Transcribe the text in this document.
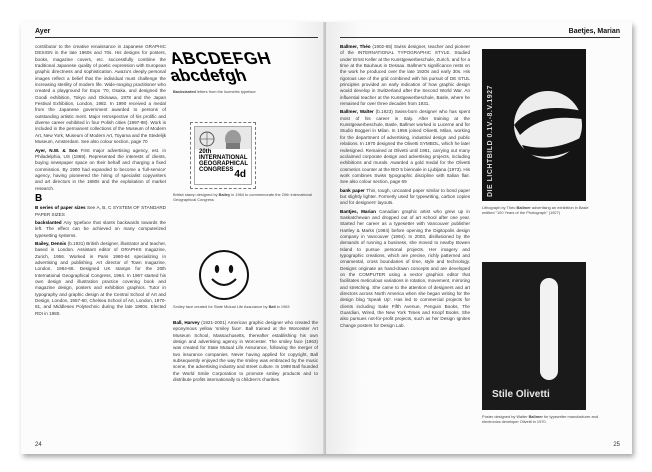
Ayer

contributor to the creative renaissance in Japanese GRAPHIC DESIGN in the late 1960s and 70s. His designs for posters, books, magazine covers, etc. successfully combine the traditional Japanese quality of poetic expression with European graphic directness and sophistication. Awazu's deeply personal images reflect a belief that the individual must challenge the increasing sterility of modern life. Wide-ranging practitioner who created a playground for Expo '70, Osaka, and designed the Goodi exhibition, Tokyo and Okinawa, 1978 and the Japan Festival Exhibition, London, 1982. In 1990 received a medal from the Japanese government awarded to persons of outstanding artistic merit. Major retrospective of his prolific and diverse career exhibited in four Polish cities (1997-98). Work is included in the permanent collections of the Museum of Modern Art, New York, Museum of Modern Art, Toyama and the Stedelijk Museum, Amsterdam. See also colour section, page 70

Ayer, N.W. & Son First major advertising agency, est. in Philadelphia, US (1869). Represented the interests of clients, buying newspaper space on their behalf and charging a fixed commission. By 1900 had expanded to become a 'full-service' agency, having pioneered the hiring of specialist copywriters and art directors in the 1880s and the exploitation of market research.

B

B series of paper sizes See A, B, C SYSTEM OF STANDARD PAPER SIZES

backslanted Any typeface that slants backwards towards the left. The effect can be achieved on many computerized typesetting systems.

Bailey, Dennis (b.1931) British designer, illustrator and teacher, based in London. Assistant editor of GRAPHIS magazine, Zurich, 1956. Worked in Paris 1960-64 specializing in advertising and publishing. Art director of Town magazine, London, 1964-66. Designed UK stamps for the 20th International Geographical Congress, 1964. In 1967 started his own design and illustration practice covering book and magazine design, posters and exhibition graphics. Tutor in typography and graphic design at the Central School of Art and Design, London, 1957-60, Chelsea School of Art, London, 1970-81, and Middlesex Polytechnic during the late 1980s. Elected RDI in 1980.

ABCDEFGH
abcdefgh
Backslanted letters from the Isometric typeface
20th INTERNATIONAL GEOGRAPHICAL CONGRESS 4d
British stamp designed by Bailey in 1964 to commemorate the 20th International Geographical Congress
Smiley face created for State Mutual Life Assurance by Ball in 1963

Ball, Harvey (1921-2001) American graphic designer who created the eponymous yellow 'smiley face'. Ball trained at the Worcester Art Museum School, Massachusetts, thereafter establishing his own design and advertising agency in Worcester. The smiley face (1963) was created for State Mutual Life Assurance, following the merger of two insurance companies. Never having applied for copyright, Ball subsequently enjoyed the way the smiley was embraced by the music scene, the advertising industry and street culture. In 1998 Ball founded the World Smile Corporation to promote smiley products and to distribute profits internationally to children's charities.

24
Baetjes, Marian

Ballmer, Théo (1902-65) Swiss designer, teacher and pioneer of the INTERNATIONAL TYPOGRAPHIC STYLE. Studied under Ernst Keller at the Kunstgewerbeschule, Zurich, and for a time at the Bauhaus in Dessau. Ballmer's significance rests on the work he produced over the late 1920s and early 30s. His rigorous use of the grid combined with his pursuit of DE STIJL principles provided an early indication of how graphic design would develop in Switzerland after the Second World War. An influential teacher at the Kunstgewerbeschule, Basle, where he remained for over three decades from 1931.

Ballmer, Walter (b.1923) Swiss-born designer who has spent most of his career in Italy. After training at the Kunstgewerbeschule, Basle, Ballmer worked in Lucerne and for Studio Boggeri in Milan. In 1956 joined Olivetti, Milan, working for the department of advertising, industrial design and public relations. In 1970 designed the Olivetti SYMBOL, which he later redesigned. Remained at Olivetti until 1981, carrying out many acclaimed corporate design and advertising projects, including exhibitions and murals. Awarded a gold medal for the Olivetti cosmetics counter at the BIO 5 biennale in Ljubljana (1973). His work combines Swiss typographic discipline with Italian flair. See also colour section, page 69

bank paper Thin, tough, uncoated paper similar to bond paper but slightly lighter. Formerly used for typewriting, carbon copies and for designers' layouts.

Bantjes, Marian Canadian graphic artist who grew up in Saskatchewan and dropped out of art school after one year. Started her career as a typesetter with Vancouver publisher Hartley & Marks (1984) before opening the Digitopolis design company in Vancouver (1994). In 2003, disillusioned by the demands of running a business, she moved to nearby Bowen Island to pursue personal projects. Her imagery and typographic creations, which are precise, richly patterned and ornamental, cross boundaries of time, style and technology. Designs originate as hand-drawn concepts and are developed on the COMPUTER using a vector graphics editor that facilitates meticulous variations in rotation, movement, mirroring and stretching. She came to the attention of designers and art directors across North America when she began writing for the design blog 'Speak Up'. Has led to commercial projects for clients including Saks Fifth Avenue, Penguin Books, The Guardian, Wired, the New York Times and Knopf Books. She also pursues not-for-profit projects, such as her Design Ignites Change posters for Design Lab.

25
DIE LICHTBILD 0.1V.-8.V.1927
Lithograph by Théo Ballmer advertising an exhibition in Basle entitled "100 Years of the Photograph" (1927)
Stile Olivetti
Poster designed by Walter Ballmer for typewriter manufacturer and electronics developer Olivetti in 1970.
